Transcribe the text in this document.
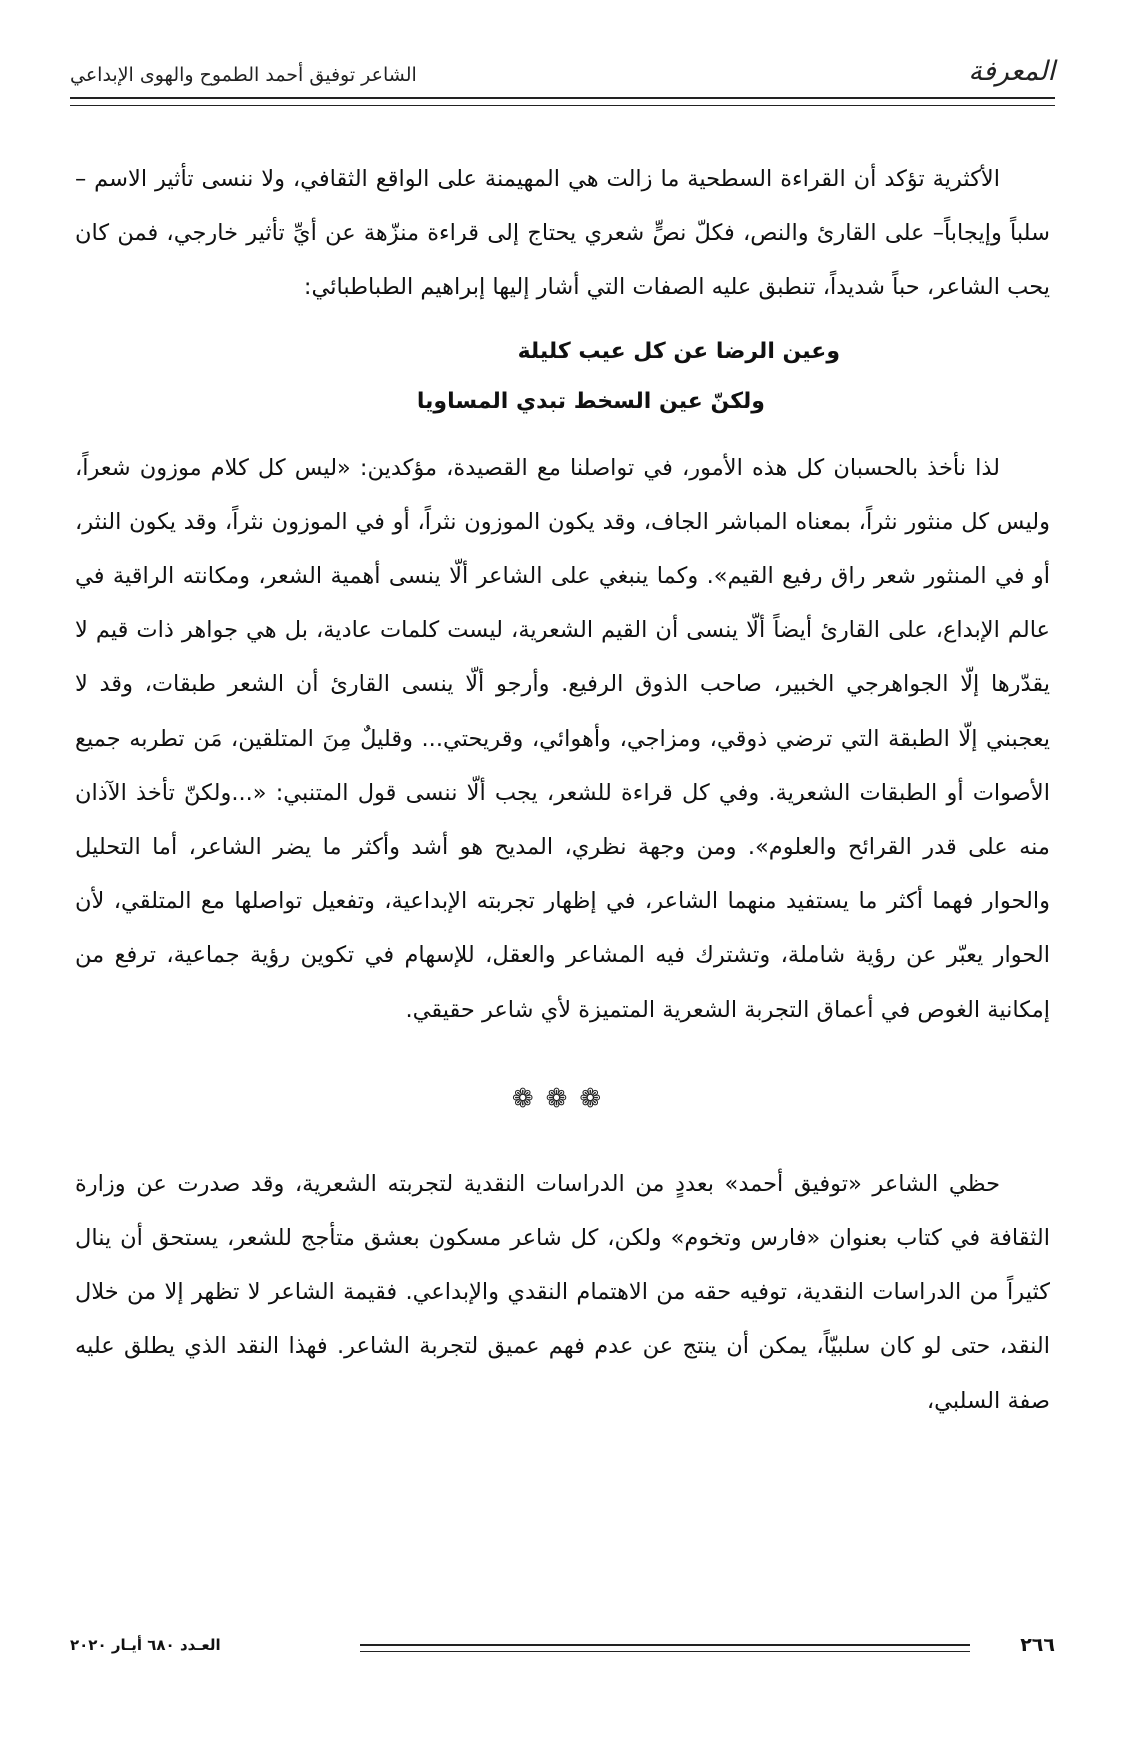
المعرفة
الشاعر توفيق أحمد الطموح والهوى الإبداعي

الأكثرية تؤكد أن القراءة السطحية ما زالت هي المهيمنة على الواقع الثقافي، ولا ننسى تأثير الاسم –سلباً وإيجاباً– على القارئ والنص، فكلّ نصٍّ شعري يحتاج إلى قراءة منزّهة عن أيِّ تأثير خارجي، فمن كان يحب الشاعر، حباً شديداً، تنطبق عليه الصفات التي أشار إليها إبراهيم الطباطبائي:

وعين الرضا عن كل عيب كليلة
ولكنّ عين السخط تبدي المساويا

لذا نأخذ بالحسبان كل هذه الأمور، في تواصلنا مع القصيدة، مؤكدين: «ليس كل كلام موزون شعراً، وليس كل منثور نثراً، بمعناه المباشر الجاف، وقد يكون الموزون نثراً، أو في الموزون نثراً، وقد يكون النثر، أو في المنثور شعر راق رفيع القيم». وكما ينبغي على الشاعر ألّا ينسى أهمية الشعر، ومكانته الراقية في عالم الإبداع، على القارئ أيضاً ألّا ينسى أن القيم الشعرية، ليست كلمات عادية، بل هي جواهر ذات قيم لا يقدّرها إلّا الجواهرجي الخبير، صاحب الذوق الرفيع. وأرجو ألّا ينسى القارئ أن الشعر طبقات، وقد لا يعجبني إلّا الطبقة التي ترضي ذوقي، ومزاجي، وأهوائي، وقريحتي... وقليلٌ مِنَ المتلقين، مَن تطربه جميع الأصوات أو الطبقات الشعرية. وفي كل قراءة للشعر، يجب ألّا ننسى قول المتنبي: «...ولكنّ تأخذ الآذان منه على قدر القرائح والعلوم». ومن وجهة نظري، المديح هو أشد وأكثر ما يضر الشاعر، أما التحليل والحوار فهما أكثر ما يستفيد منهما الشاعر، في إظهار تجربته الإبداعية، وتفعيل تواصلها مع المتلقي، لأن الحوار يعبّر عن رؤية شاملة، وتشترك فيه المشاعر والعقل، للإسهام في تكوين رؤية جماعية، ترفع من إمكانية الغوص في أعماق التجربة الشعرية المتميزة لأي شاعر حقيقي.

❁❁❁

حظي الشاعر «توفيق أحمد» بعددٍ من الدراسات النقدية لتجربته الشعرية، وقد صدرت عن وزارة الثقافة في كتاب بعنوان «فارس وتخوم» ولكن، كل شاعر مسكون بعشق متأجج للشعر، يستحق أن ينال كثيراً من الدراسات النقدية، توفيه حقه من الاهتمام النقدي والإبداعي. فقيمة الشاعر لا تظهر إلا من خلال النقد، حتى لو كان سلبيّاً، يمكن أن ينتج عن عدم فهم عميق لتجربة الشاعر. فهذا النقد الذي يطلق عليه صفة السلبي،

٢٦٦
العـدد ٦٨٠ أيـار ٢٠٢٠
